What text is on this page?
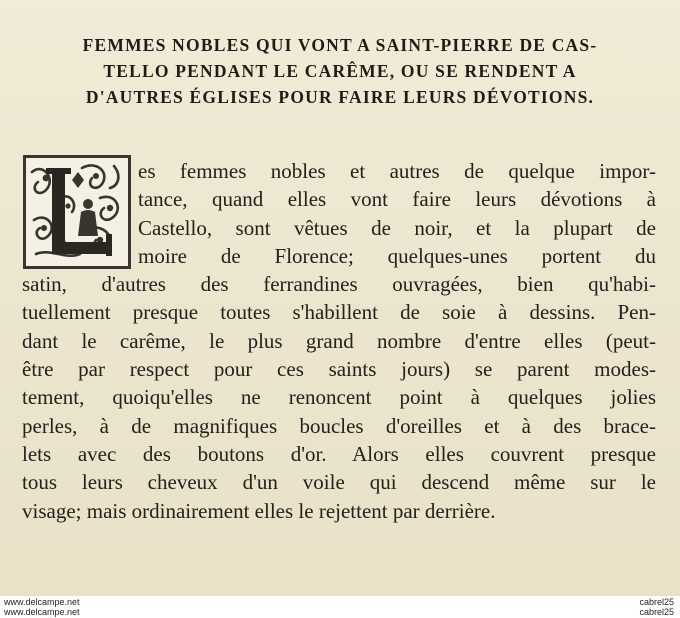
FEMMES NOBLES QUI VONT A SAINT-PIERRE DE CAS-
TELLO PENDANT LE CARÊME, OU SE RENDENT A
D'AUTRES ÉGLISES POUR FAIRE LEURS DÉVOTIONS.
es femmes nobles et autres de quelque impor-
tance, quand elles vont faire leurs dévotions à
Castello, sont vêtues de noir, et la plupart de
moire de Florence; quelques-unes portent du
satin, d'autres des ferrandines ouvragées, bien qu'habi-
tuellement presque toutes s'habillent de soie à dessins. Pen-
dant le carême, le plus grand nombre d'entre elles (peut-
être par respect pour ces saints jours) se parent modes-
tement, quoiqu'elles ne renoncent point à quelques jolies
perles, à de magnifiques boucles d'oreilles et à des brace-
lets avec des boutons d'or. Alors elles couvrent presque
tous leurs cheveux d'un voile qui descend même sur le
visage; mais ordinairement elles le rejettent par derrière.
www.delcampe.net
www.delcampe.net
cabrel25
cabrel25
